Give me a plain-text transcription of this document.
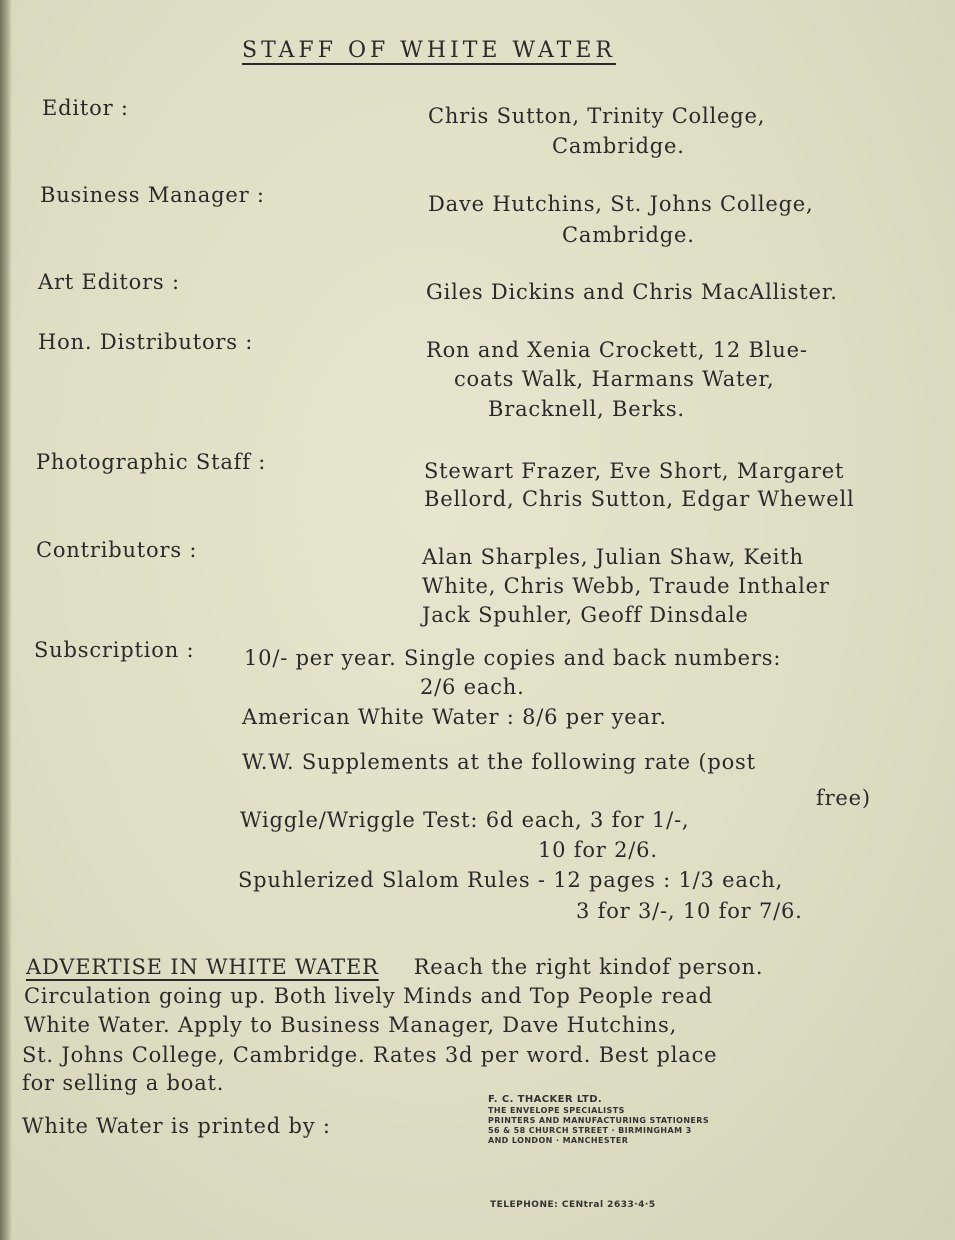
STAFF OF WHITE WATER
Editor :	Chris Sutton, Trinity College,
Cambridge.
Business Manager :	Dave Hutchins, St. Johns College,
Cambridge.
Art Editors :	Giles Dickins and Chris MacAllister.
Hon. Distributors :	Ron and Xenia Crockett, 12 Blue-
coats Walk, Harmans Water,
Bracknell, Berks.
Photographic Staff :	Stewart Frazer, Eve Short, Margaret
Bellord, Chris Sutton, Edgar Whewell
Contributors :	Alan Sharples, Julian Shaw, Keith
White, Chris Webb, Traude Inthaler
Jack Spuhler, Geoff Dinsdale
Subscription : 10/- per year. Single copies and back numbers:
2/6 each.
American White Water : 8/6 per year.
W.W. Supplements at the following rate (post
free)
Wiggle/Wriggle Test: 6d each, 3 for 1/-,
10 for 2/6.
Spuhlerized Slalom Rules - 12 pages : 1/3 each,
3 for 3/-, 10 for 7/6.
ADVERTISE IN WHITE WATER Reach the right kindof person.
Circulation going up. Both lively Minds and Top People read
White Water. Apply to Business Manager, Dave Hutchins,
St. Johns College, Cambridge. Rates 3d per word. Best place
for selling a boat.
White Water is printed by :
F. C. THACKER LTD.
THE ENVELOPE SPECIALISTS
PRINTERS AND MANUFACTURING STATIONERS
56 & 58 CHURCH STREET · BIRMINGHAM 3
AND LONDON · MANCHESTER
TELEPHONE: CENtral 2633·4·5
